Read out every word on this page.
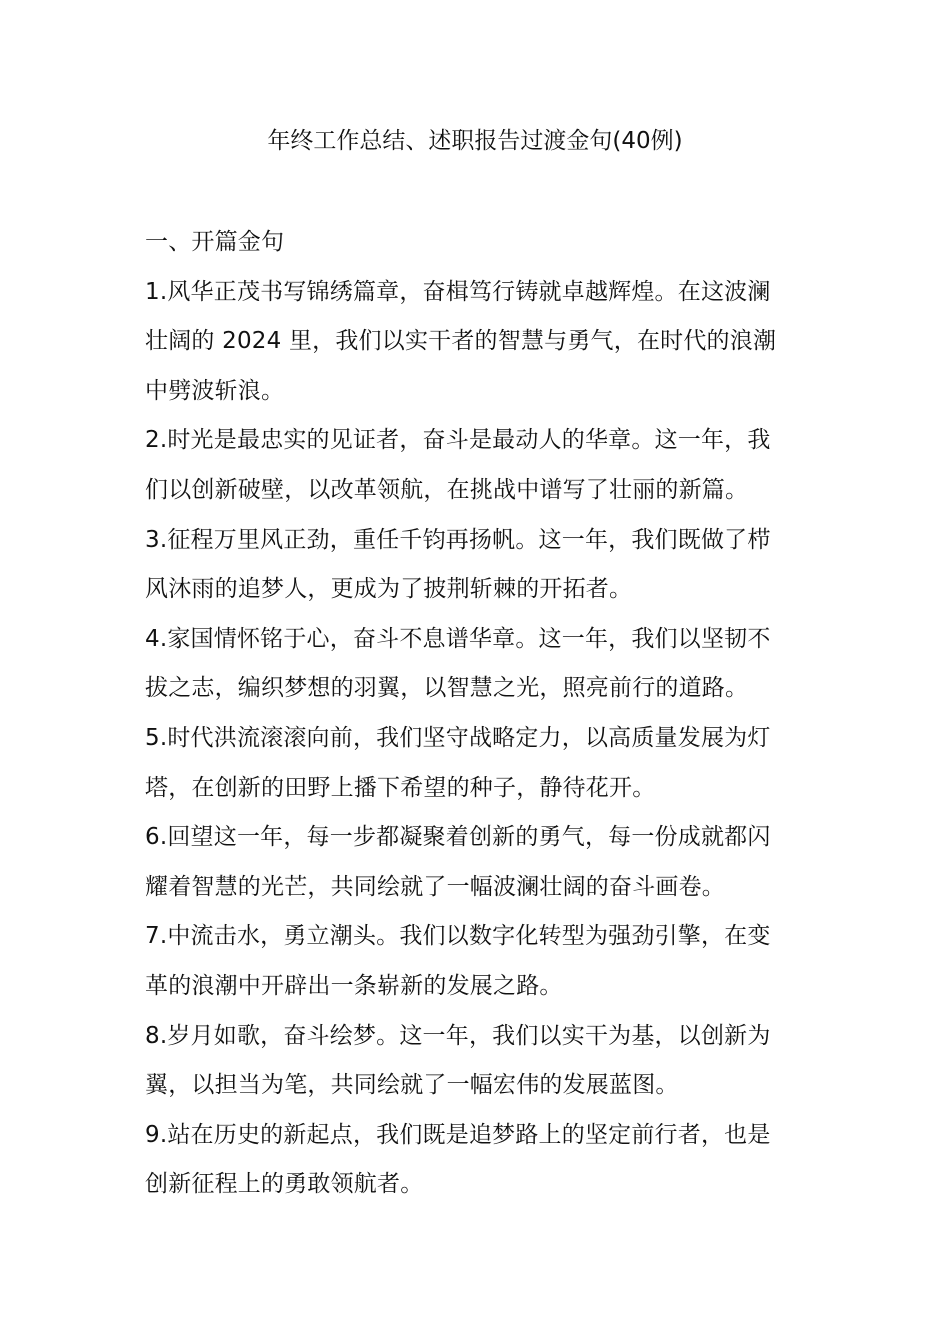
年终工作总结、述职报告过渡金句(40例)
一、开篇金句
1.风华正茂书写锦绣篇章，奋楫笃行铸就卓越辉煌。在这波澜
壮阔的 2024 里，我们以实干者的智慧与勇气，在时代的浪潮
中劈波斩浪。
2.时光是最忠实的见证者，奋斗是最动人的华章。这一年，我
们以创新破壁，以改革领航，在挑战中谱写了壮丽的新篇。
3.征程万里风正劲，重任千钧再扬帆。这一年，我们既做了栉
风沐雨的追梦人，更成为了披荆斩棘的开拓者。
4.家国情怀铭于心，奋斗不息谱华章。这一年，我们以坚韧不
拔之志，编织梦想的羽翼，以智慧之光，照亮前行的道路。
5.时代洪流滚滚向前，我们坚守战略定力，以高质量发展为灯
塔，在创新的田野上播下希望的种子，静待花开。
6.回望这一年，每一步都凝聚着创新的勇气，每一份成就都闪
耀着智慧的光芒，共同绘就了一幅波澜壮阔的奋斗画卷。
7.中流击水，勇立潮头。我们以数字化转型为强劲引擎，在变
革的浪潮中开辟出一条崭新的发展之路。
8.岁月如歌，奋斗绘梦。这一年，我们以实干为基，以创新为
翼，以担当为笔，共同绘就了一幅宏伟的发展蓝图。
9.站在历史的新起点，我们既是追梦路上的坚定前行者，也是
创新征程上的勇敢领航者。
